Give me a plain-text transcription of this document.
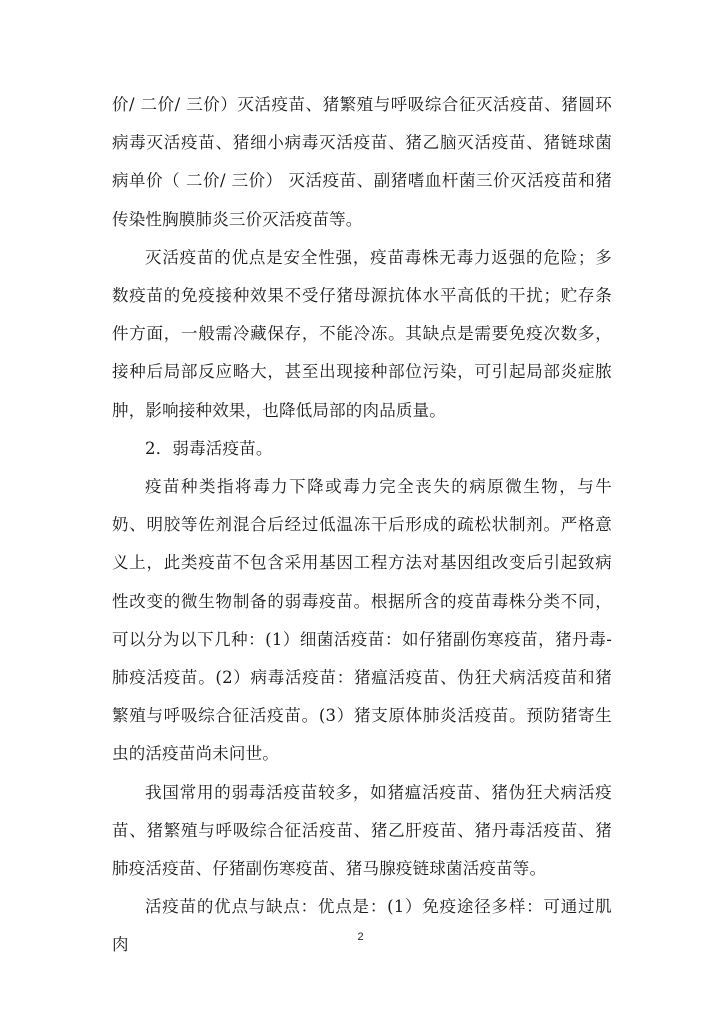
价/ 二价/ 三价）灭活疫苗、猪繁殖与呼吸综合征灭活疫苗、猪圆环病毒灭活疫苗、猪细小病毒灭活疫苗、猪乙脑灭活疫苗、猪链球菌病单价（ 二价/ 三价） 灭活疫苗、副猪嗜血杆菌三价灭活疫苗和猪传染性胸膜肺炎三价灭活疫苗等。

灭活疫苗的优点是安全性强，疫苗毒株无毒力返强的危险；多数疫苗的免疫接种效果不受仔猪母源抗体水平高低的干扰；贮存条件方面，一般需冷藏保存，不能冷冻。其缺点是需要免疫次数多，接种后局部反应略大，甚至出现接种部位污染，可引起局部炎症脓肿，影响接种效果，也降低局部的肉品质量。

2．弱毒活疫苗。

疫苗种类指将毒力下降或毒力完全丧失的病原微生物，与牛奶、明胶等佐剂混合后经过低温冻干后形成的疏松状制剂。严格意义上，此类疫苗不包含采用基因工程方法对基因组改变后引起致病性改变的微生物制备的弱毒疫苗。根据所含的疫苗毒株分类不同，可以分为以下几种：(1）细菌活疫苗：如仔猪副伤寒疫苗，猪丹毒- 肺疫活疫苗。(2）病毒活疫苗：猪瘟活疫苗、伪狂犬病活疫苗和猪繁殖与呼吸综合征活疫苗。(3）猪支原体肺炎活疫苗。预防猪寄生虫的活疫苗尚未问世。

我国常用的弱毒活疫苗较多，如猪瘟活疫苗、猪伪狂犬病活疫苗、猪繁殖与呼吸综合征活疫苗、猪乙肝疫苗、猪丹毒活疫苗、猪肺疫活疫苗、仔猪副伤寒疫苗、猪马腺疫链球菌活疫苗等。

活疫苗的优点与缺点：优点是：(1）免疫途径多样：可通过肌肉	2
